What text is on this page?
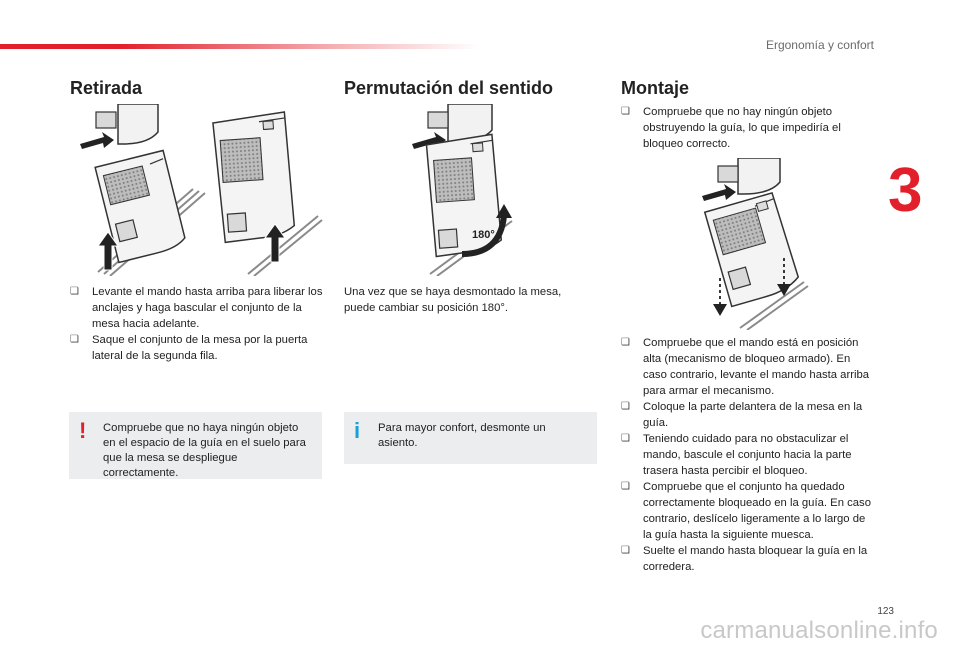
Ergonomía y confort
3
Retirada
❏ Levante el mando hasta arriba para liberar los anclajes y haga bascular el conjunto de la mesa hacia adelante.
❏ Saque el conjunto de la mesa por la puerta lateral de la segunda fila.
! Compruebe que no haya ningún objeto en el espacio de la guía en el suelo para que la mesa se despliegue correctamente.
Permutación del sentido
180°

Una vez que se haya desmontado la mesa, puede cambiar su posición 180°.

i Para mayor confort, desmonte un asiento.
Montaje
❏ Compruebe que no hay ningún objeto obstruyendo la guía, lo que impediría el bloqueo correcto.
❏ Compruebe que el mando está en posición alta (mecanismo de bloqueo armado). En caso contrario, levante el mando hasta arriba para armar el mecanismo.
❏ Coloque la parte delantera de la mesa en la guía.
❏ Teniendo cuidado para no obstaculizar el mando, bascule el conjunto hacia la parte trasera hasta percibir el bloqueo.
❏ Compruebe que el conjunto ha quedado correctamente bloqueado en la guía. En caso contrario, deslícelo ligeramente a lo largo de la guía hasta la siguiente muesca.
❏ Suelte el mando hasta bloquear la guía en la corredera.
123
carmanualsonline.info
